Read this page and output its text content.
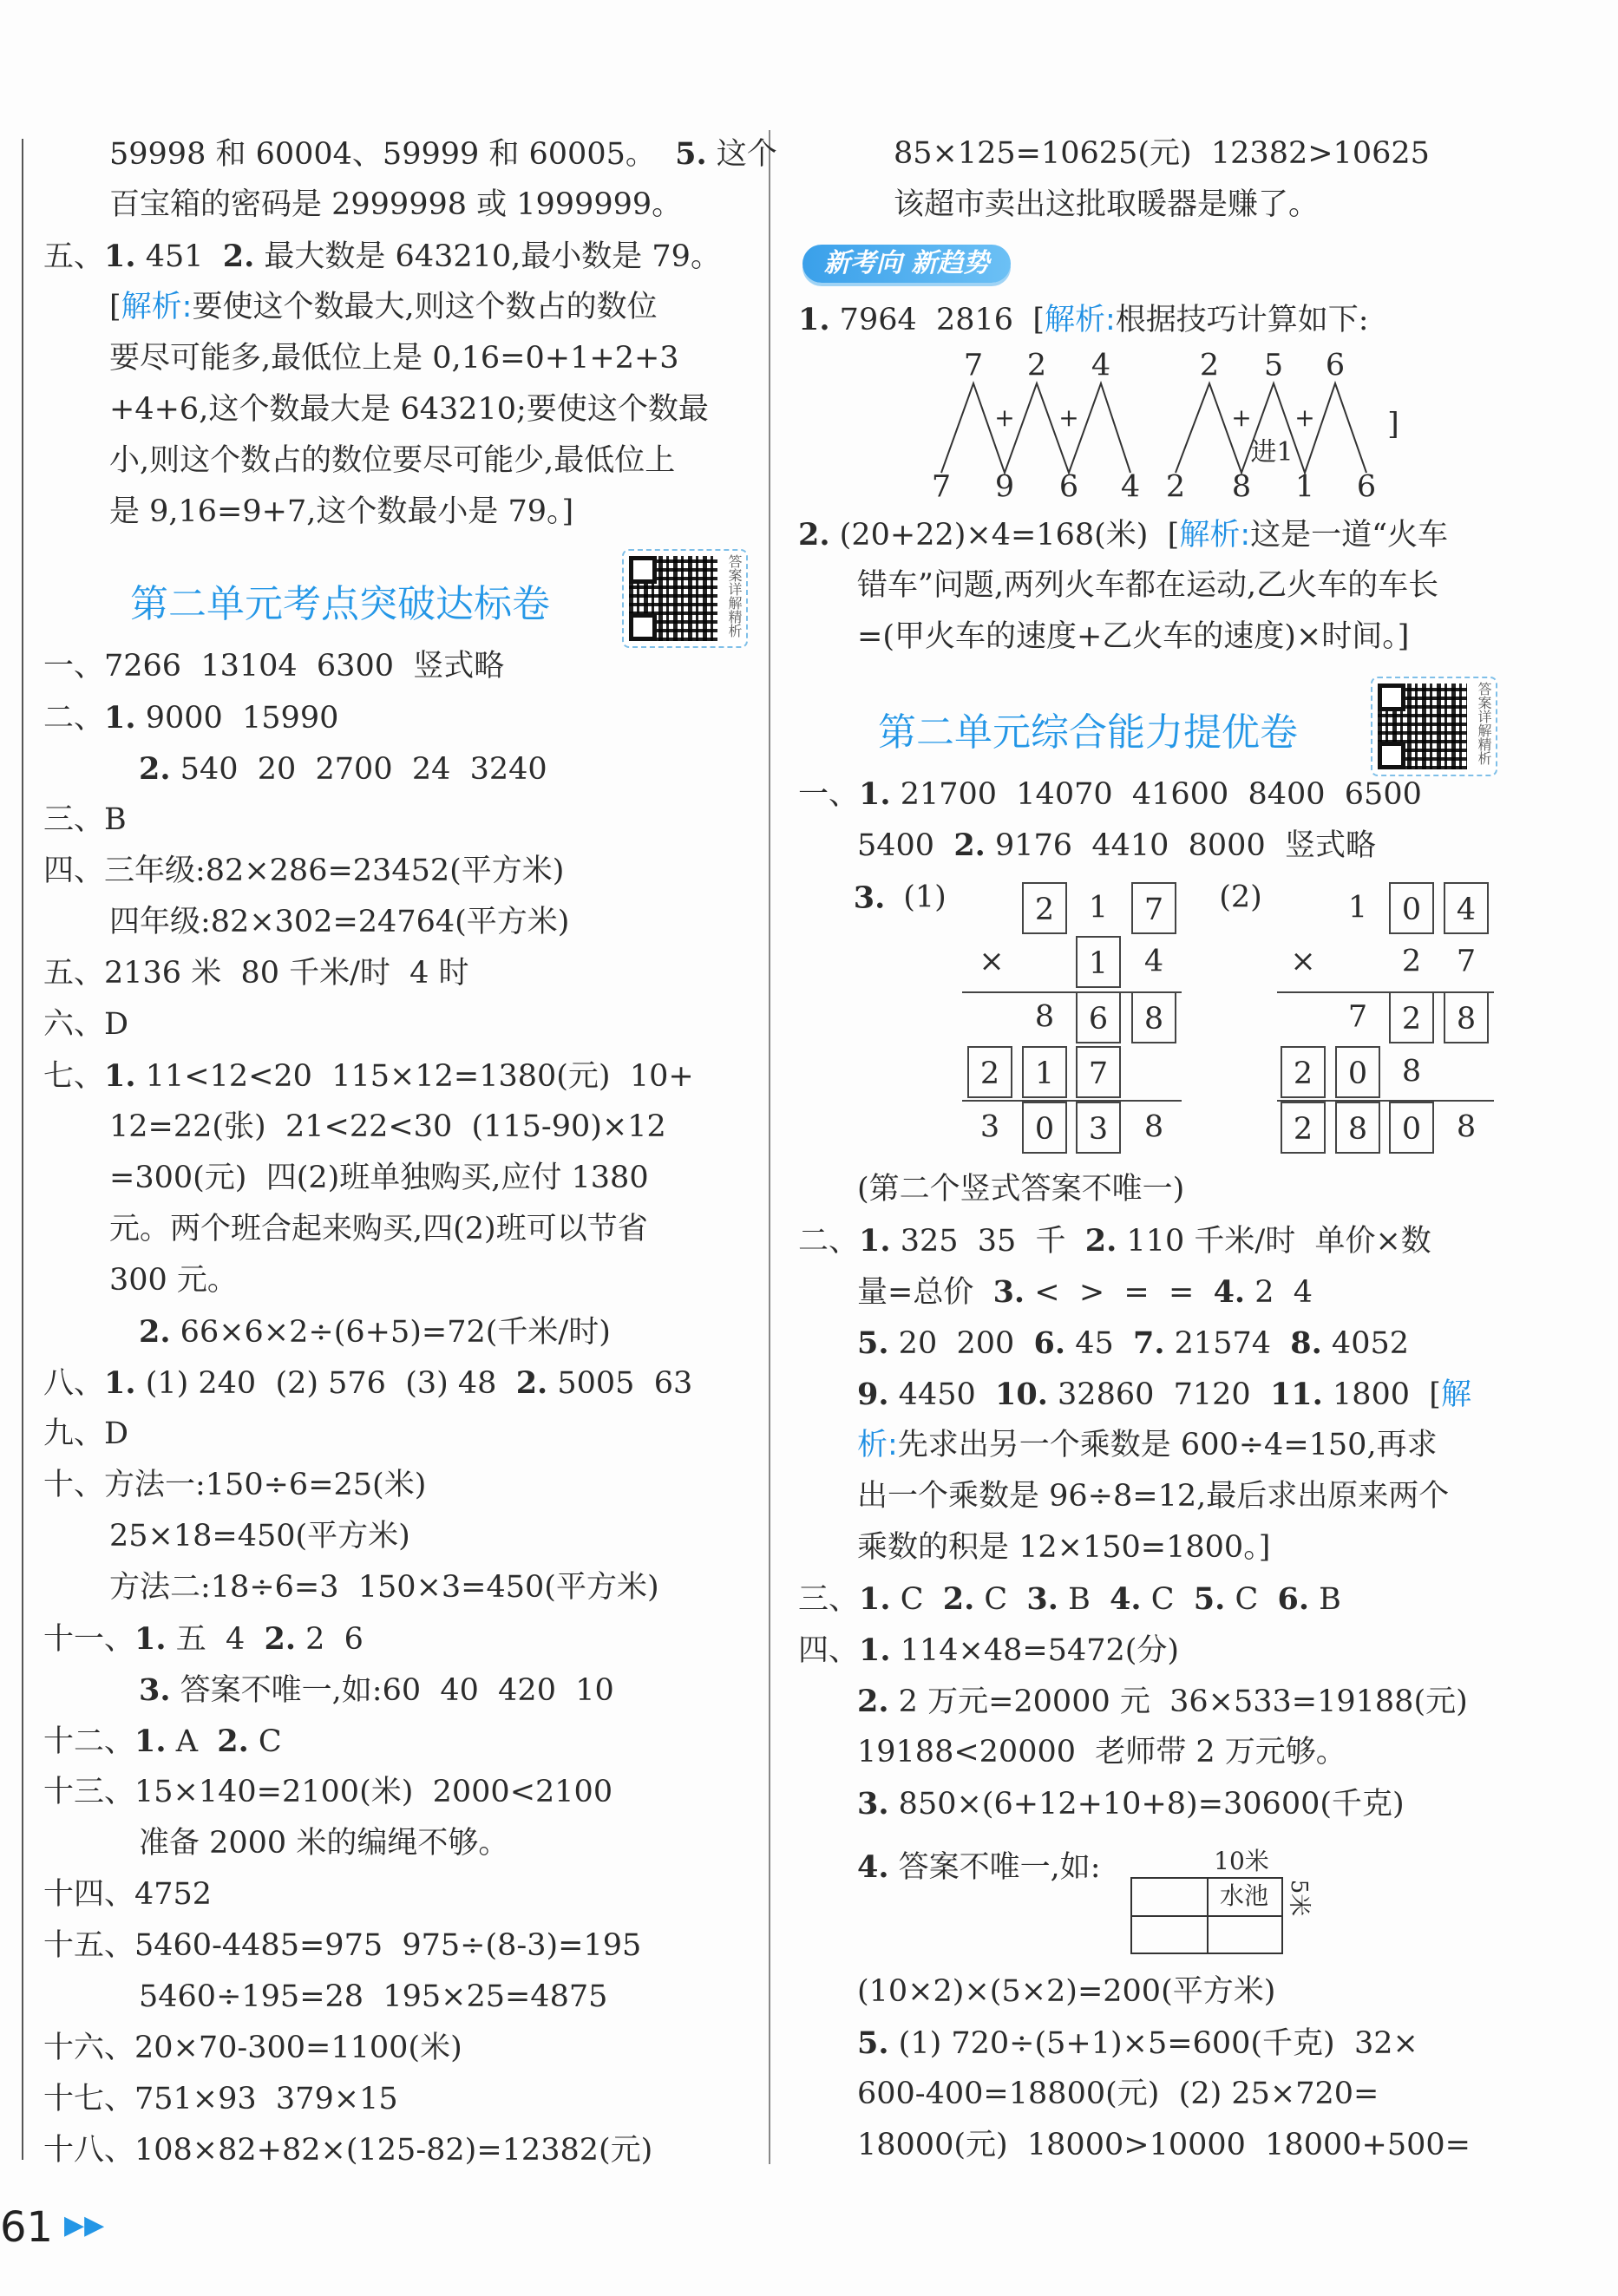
59998 和 60004、59999 和 60005。  5. 这个
百宝箱的密码是 2999998 或 1999999。
五、1. 451  2. 最大数是 643210,最小数是 79。
[解析:要使这个数最大,则这个数占的数位
要尽可能多,最低位上是 0,16=0+1+2+3
+4+6,这个数最大是 643210;要使这个数最
小,则这个数占的数位要尽可能少,最低位上
是 9,16=9+7,这个数最小是 79。]
第二单元考点突破达标卷	答案详解精析
一、7266  13104  6300  竖式略
二、1. 9000  15990
2. 540  20  2700  24  3240
三、B
四、三年级:82×286=23452(平方米)
四年级:82×302=24764(平方米)
五、2136 米  80 千米/时  4 时
六、D
七、1. 11<12<20  115×12=1380(元)  10+
12=22(张)  21<22<30  (115-90)×12
=300(元)  四(2)班单独购买,应付 1380
元。两个班合起来购买,四(2)班可以节省
300 元。
2. 66×6×2÷(6+5)=72(千米/时)
八、1. (1) 240  (2) 576  (3) 48  2. 5005  63
九、D
十、方法一:150÷6=25(米)
25×18=450(平方米)
方法二:18÷6=3  150×3=450(平方米)
十一、1. 五  4  2. 2  6
3. 答案不唯一,如:60  40  420  10
十二、1. A  2. C
十三、15×140=2100(米)  2000<2100
准备 2000 米的编绳不够。
十四、4752
十五、5460-4485=975  975÷(8-3)=195
5460÷195=28  195×25=4875
十六、20×70-300=1100(米)
十七、751×93  379×15
十八、108×82+82×(125-82)=12382(元)
85×125=10625(元)  12382>10625
该超市卖出这批取暖器是赚了。
新考向 新趋势
1. 7964  2816  [解析:根据技巧计算如下:
7 2 4	2 5 6
7 9 6 4 2 8 1 6
+ +	+ +
进1
]
2. (20+22)×4=168(米)  [解析:这是一道“火车
错车”问题,两列火车都在运动,乙火车的车长
=(甲火车的速度+乙火车的速度)×时间。]
第二单元综合能力提优卷	答案详解精析
一、1. 21700  14070  41600  8400  6500
5400  2. 9176  4410  8000  竖式略
3. (1)	(2)
2	1	7
×	1	4
8	6	8
2	1	7
3	0	3	8
1	0	4
×	2 7
7	2	8
2	0	8
2	8	0	8
(第二个竖式答案不唯一)
二、1. 325  35  千  2. 110 千米/时  单价×数
量=总价  3. <  >  =  =  4. 2  4
5. 20  200  6. 45  7. 21574  8. 4052
9. 4450  10. 32860  7120  11. 1800  [解
析:先求出另一个乘数是 600÷4=150,再求
出一个乘数是 96÷8=12,最后求出原来两个
乘数的积是 12×150=1800。]
三、1. C  2. C  3. B  4. C  5. C  6. B
四、1. 114×48=5472(分)
2. 2 万元=20000 元  36×533=19188(元)
19188<20000  老师带 2 万元够。
3. 850×(6+12+10+8)=30600(千克)
4. 答案不唯一,如:	10米
水池 5米
(10×2)×(5×2)=200(平方米)
5. (1) 720÷(5+1)×5=600(千克)  32×
600-400=18800(元)  (2) 25×720=
18000(元)  18000>10000  18000+500=
61 ▶▶
